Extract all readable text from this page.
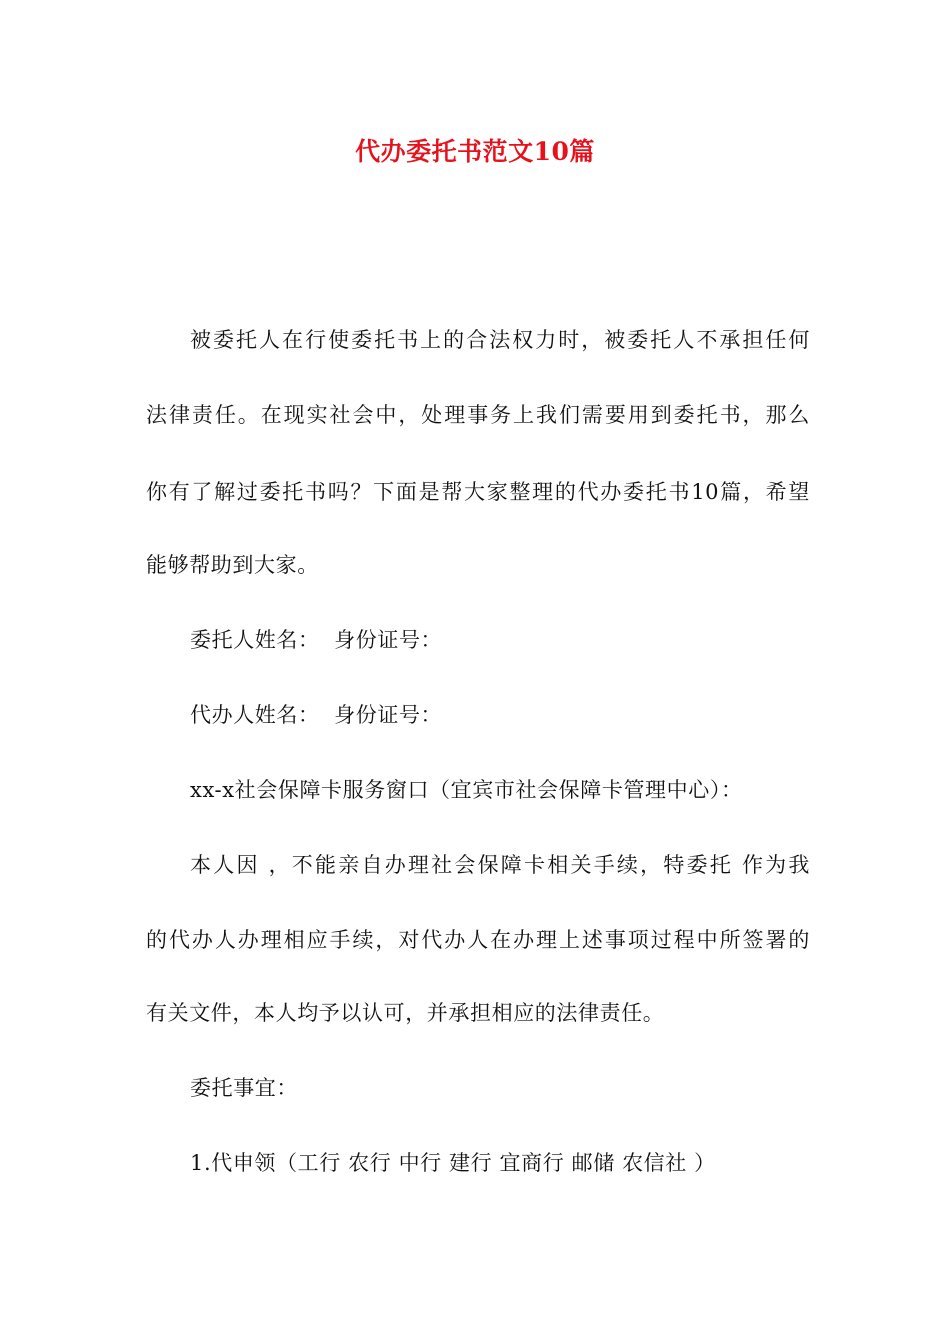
代办委托书范文10篇
被委托人在行使委托书上的合法权力时，被委托人不承担任何
法律责任。在现实社会中，处理事务上我们需要用到委托书，那么
你有了解过委托书吗？下面是帮大家整理的代办委托书10篇，希望
能够帮助到大家。
委托人姓名：  身份证号：
代办人姓名：  身份证号：
xx-x社会保障卡服务窗口（宜宾市社会保障卡管理中心）：
本人因 ，不能亲自办理社会保障卡相关手续，特委托 作为我
的代办人办理相应手续，对代办人在办理上述事项过程中所签署的
有关文件，本人均予以认可，并承担相应的法律责任。
委托事宜：
1.代申领（工行 农行 中行 建行 宜商行 邮储 农信社 ）
